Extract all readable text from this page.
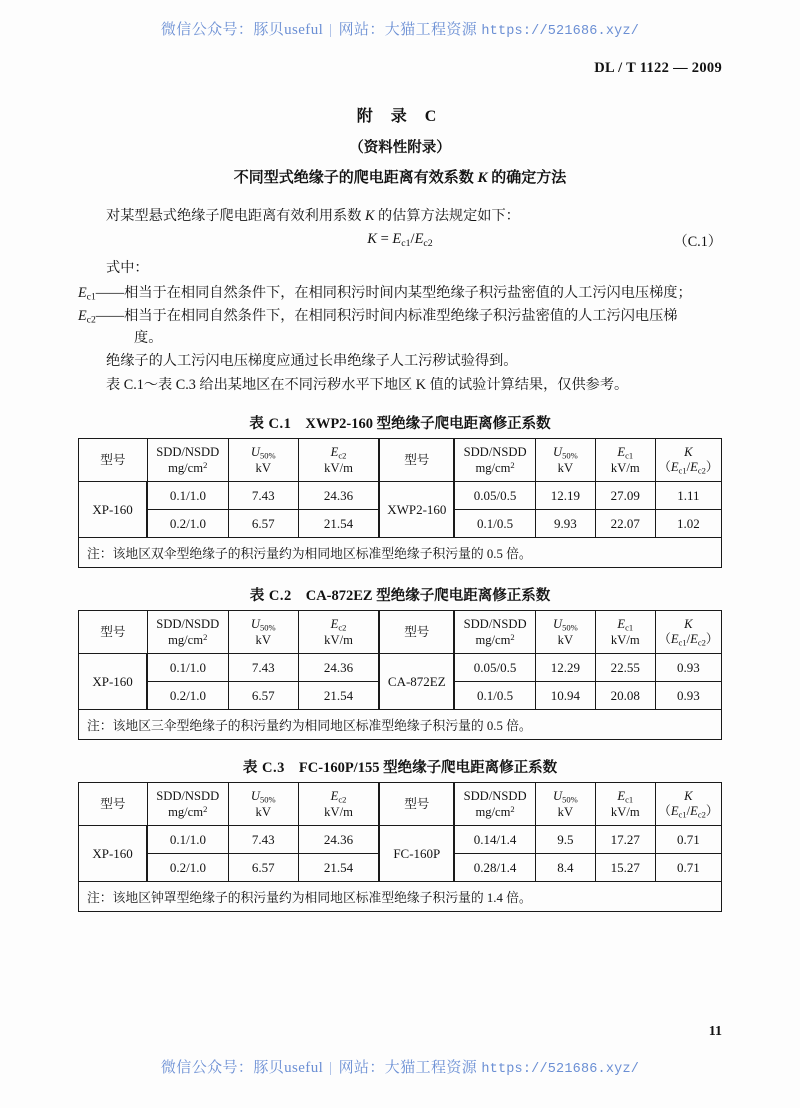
微信公众号：豚贝useful | 网站：大猫工程资源 https://521686.xyz/
DL / T 1122 — 2009
附 录 C
（资料性附录）
不同型式绝缘子的爬电距离有效系数 K 的确定方法

对某型悬式绝缘子爬电距离有效利用系数 K 的估算方法规定如下：

$K = E_{c1}/E_{c2}$	（C.1）

式中：

$E_{c1}——$相当于在相同自然条件下，在相同积污时间内某型绝缘子积污盐密值的人工污闪电压梯度；

$E_{c2}——$相当于在相同自然条件下，在相同积污时间内标准型绝缘子积污盐密值的人工污闪电压梯

度。

绝缘子的人工污闪电压梯度应通过长串绝缘子人工污秽试验得到。

表 C.1～表 C.3 给出某地区在不同污秽水平下地区 K 值的试验计算结果，仅供参考。

表 C.1 XWP2-160 型绝缘子爬电距离修正系数
型号	SDD/NSDD
$mg/cm^2$	$U_{50\%}$
kV	$E_{c2}$
kV/m	型号	SDD/NSDD
$mg/cm^2$	$U_{50\%}$
kV	$E_{c1}$
kV/m	K $(E_{c1}/E_{c2})$
XP-160	0.1/1.0	7.43	24.36	XWP2-160	0.05/0.5	12.19	27.09	1.11
	0.2/1.0	6.57	21.54		0.1/0.5	9.93	22.07	1.02
注：该地区双伞型绝缘子的积污量约为相同地区标准型绝缘子积污量的 0.5 倍。								
表 C.2 CA-872EZ 型绝缘子爬电距离修正系数
型号	SDD/NSDD
$mg/cm^2$	$U_{50\%}$
kV	$E_{c2}$
kV/m	型号	SDD/NSDD
$mg/cm^2$	$U_{50\%}$
kV	$E_{c1}$
kV/m	K $(E_{c1}/E_{c2})$
XP-160	0.1/1.0	7.43	24.36	CA-872EZ	0.05/0.5	12.29	22.55	0.93
	0.2/1.0	6.57	21.54		0.1/0.5	10.94	20.08	0.93
注：该地区三伞型绝缘子的积污量约为相同地区标准型绝缘子积污量的 0.5 倍。								
表 C.3 FC-160P/155 型绝缘子爬电距离修正系数
型号	SDD/NSDD
$mg/cm^2$	$U_{50\%}$
kV	$E_{c2}$
kV/m	型号	SDD/NSDD
$mg/cm^2$	$U_{50\%}$
kV	$E_{c1}$
kV/m	K $(E_{c1}/E_{c2})$
XP-160	0.1/1.0	7.43	24.36	FC-160P	0.14/1.4	9.5	17.27	0.71
	0.2/1.0	6.57	21.54		0.28/1.4	8.4	15.27	0.71
注：该地区钟罩型绝缘子的积污量约为相同地区标准型绝缘子积污量的 1.4 倍。								
11
微信公众号：豚贝useful | 网站：大猫工程资源 https://521686.xyz/
